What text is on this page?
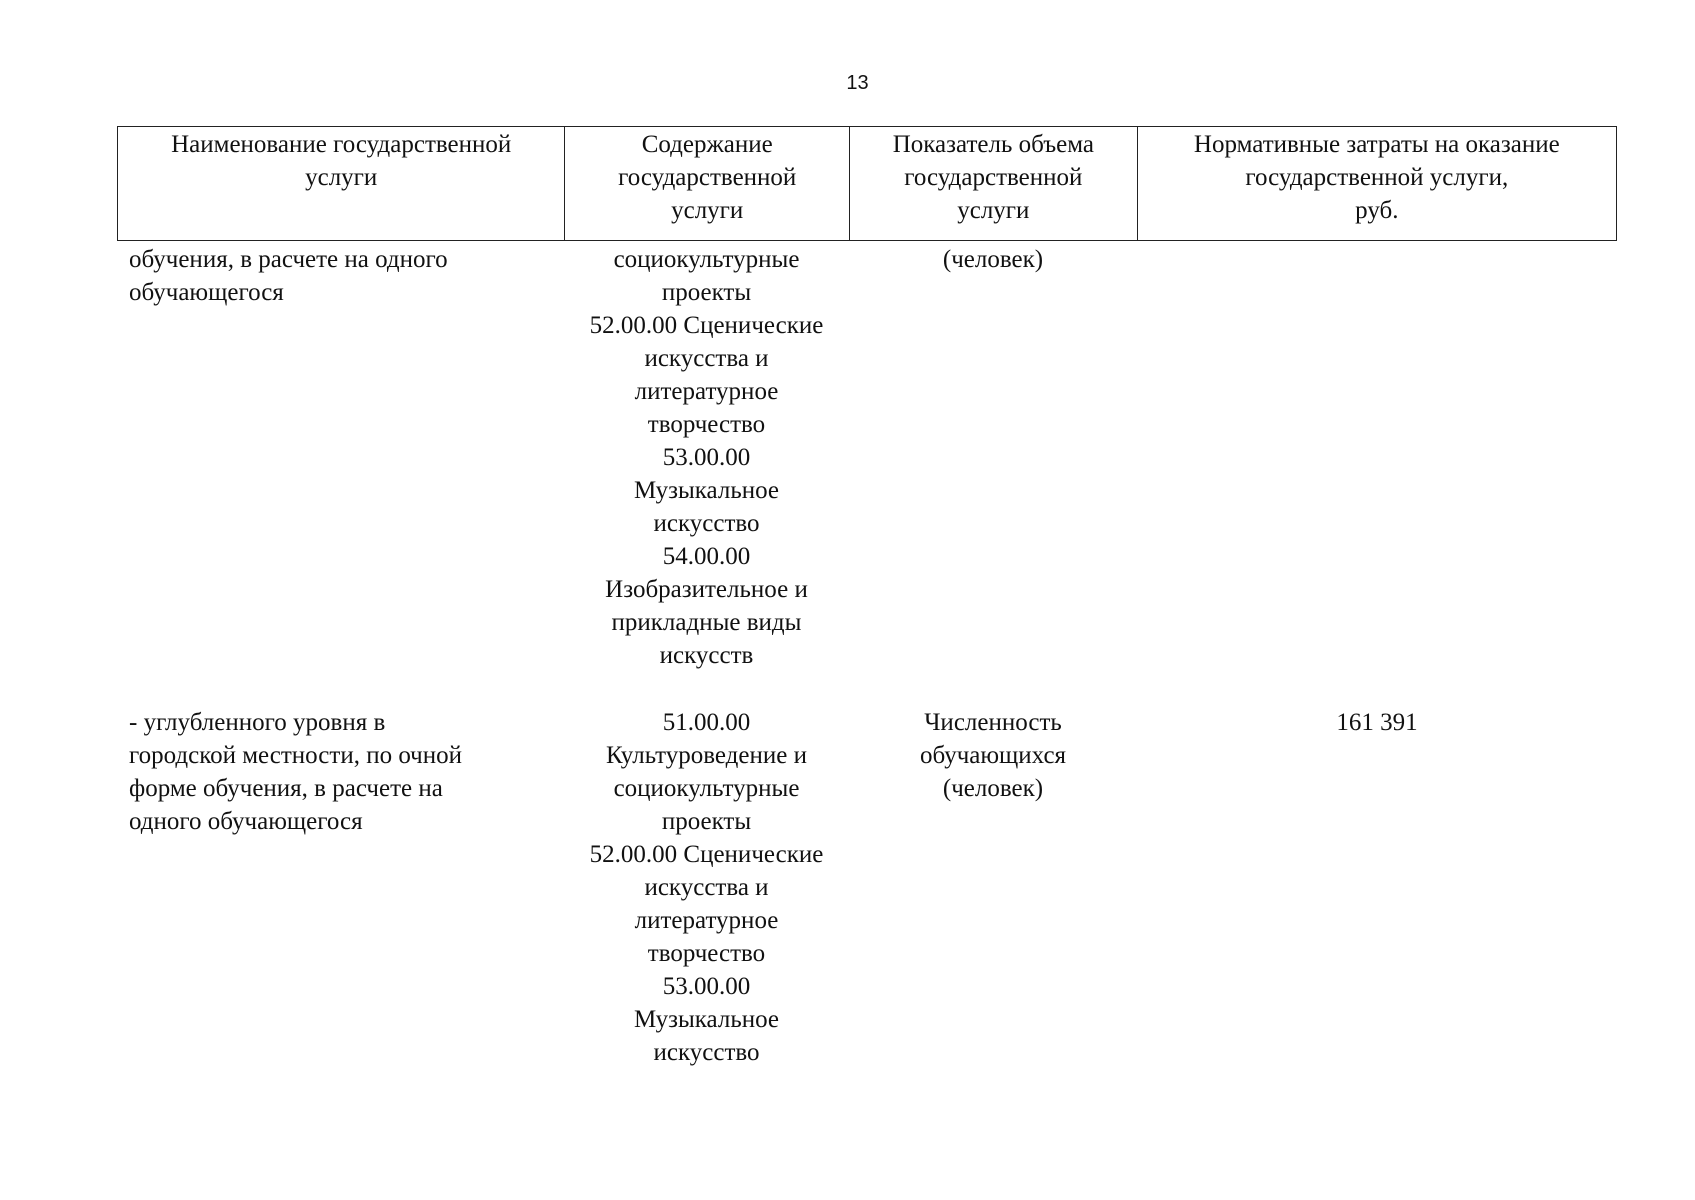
13
Наименование государственной
услуги
Содержание
государственной
услуги
Показатель объема
государственной
услуги
Нормативные затраты на оказание
государственной услуги,
руб.
обучения, в расчете на одного
обучающегося
социокультурные
проекты
52.00.00 Сценические
искусства и
литературное
творчество
53.00.00
Музыкальное
искусство
54.00.00
Изобразительное и
прикладные виды
искусств
(человек)
- углубленного уровня в
городской местности, по очной
форме обучения, в расчете на
одного обучающегося
51.00.00
Культуроведение и
социокультурные
проекты
52.00.00 Сценические
искусства и
литературное
творчество
53.00.00
Музыкальное
искусство
Численность
обучающихся
(человек)
161 391
